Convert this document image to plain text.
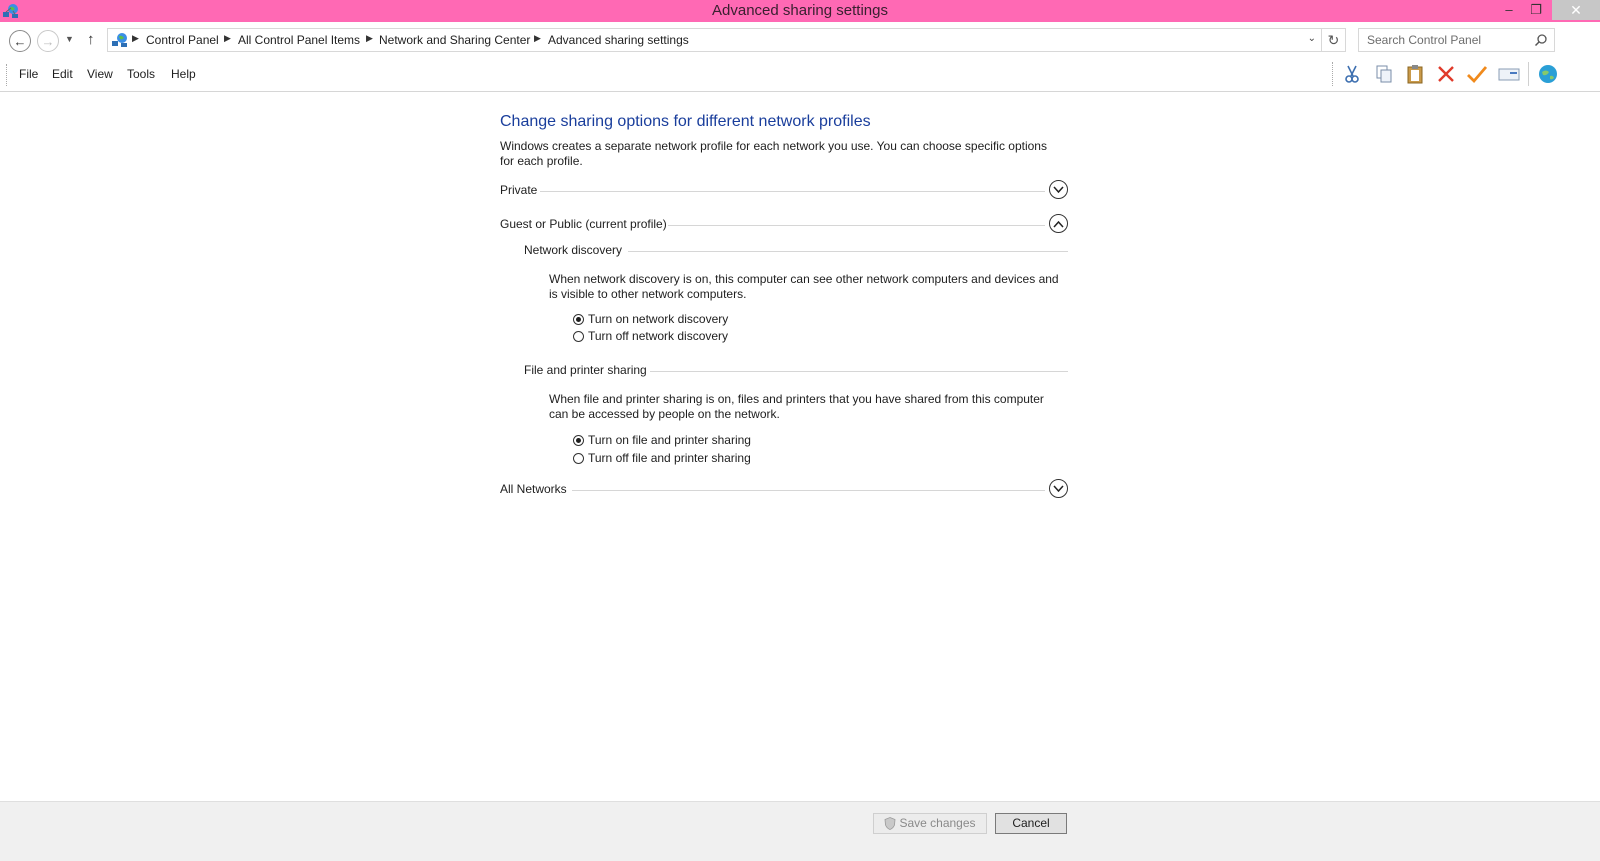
Advanced sharing settings	–	❐	✕
← → ▼ ↑	▶ Control Panel ▶ All Control Panel Items ▶ Network and Sharing Center ▶ Advanced sharing settings	⌄ ↻
Search Control Panel
File Edit View Tools Help
Change sharing options for different network profiles
Windows creates a separate network profile for each network you use. You can choose specific options for each profile.
Private
Guest or Public (current profile)
Network discovery
When network discovery is on, this computer can see other network computers and devices and is visible to other network computers.
Turn on network discovery
Turn off network discovery
File and printer sharing
When file and printer sharing is on, files and printers that you have shared from this computer can be accessed by people on the network.
Turn on file and printer sharing
Turn off file and printer sharing
All Networks
Save changes	Cancel
